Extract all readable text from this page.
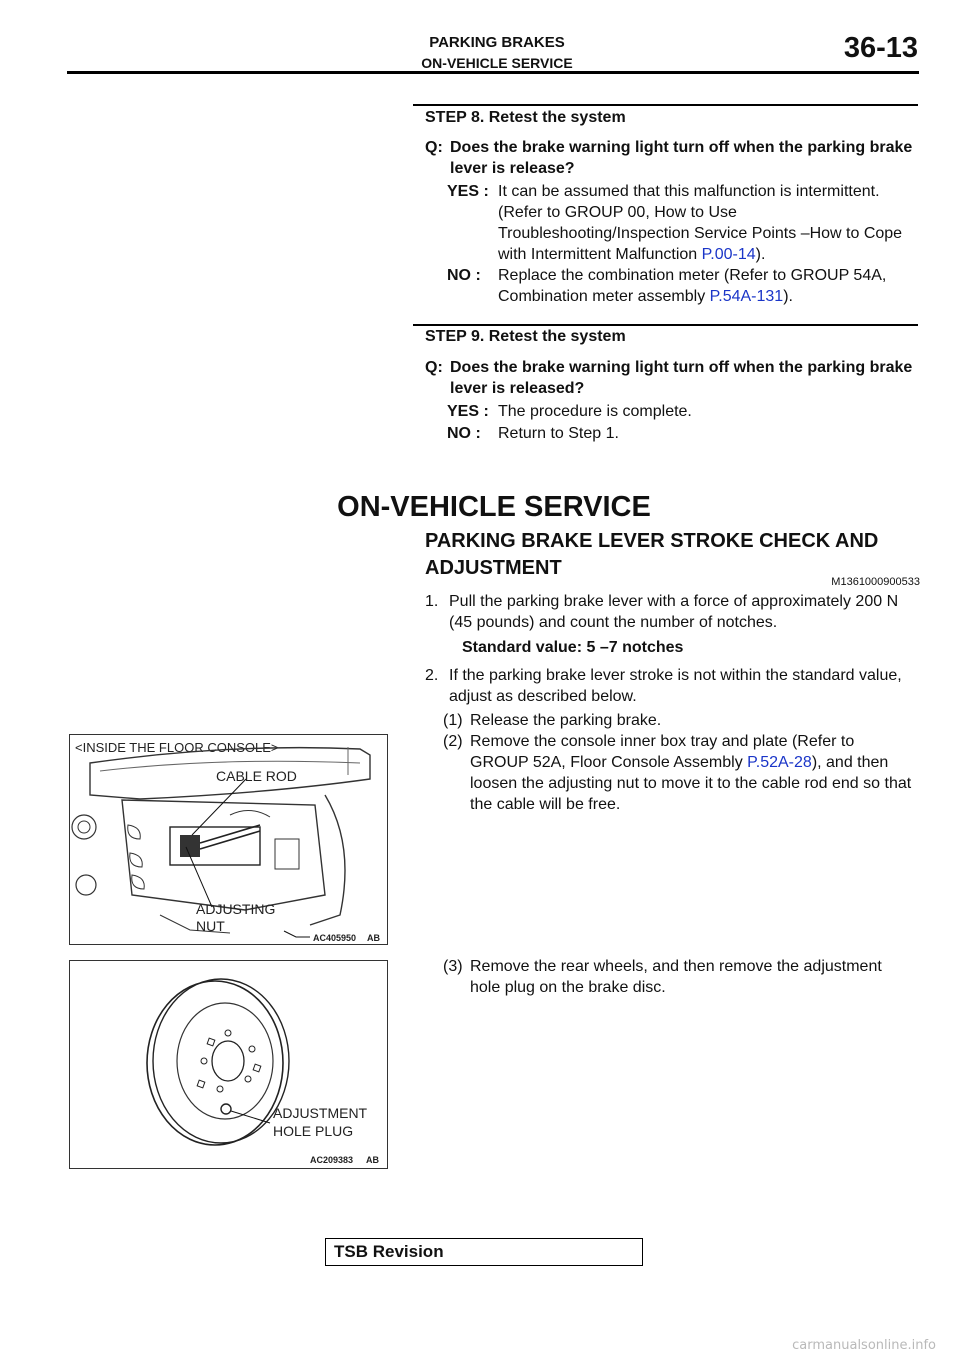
PARKING BRAKES
ON-VEHICLE SERVICE	36-13
STEP 8. Retest the system
Q: Does the brake warning light turn off when the parking brake lever is release?
YES : It can be assumed that this malfunction is intermittent. (Refer to GROUP 00, How to Use Troubleshooting/Inspection Service Points –How to Cope with Intermittent Malfunction P.00-14).
NO : Replace the combination meter (Refer to GROUP 54A, Combination meter assembly P.54A-131).
STEP 9. Retest the system
Q: Does the brake warning light turn off when the parking brake lever is released?
YES : The procedure is complete.
NO : Return to Step 1.
ON-VEHICLE SERVICE
PARKING BRAKE LEVER STROKE CHECK AND ADJUSTMENT
M1361000900533
1. Pull the parking brake lever with a force of approximately 200 N (45 pounds) and count the number of notches.
Standard value: 5 –7 notches
2. If the parking brake lever stroke is not within the standard value, adjust as described below.
(1) Release the parking brake.
(2) Remove the console inner box tray and plate (Refer to GROUP 52A, Floor Console Assembly P.52A-28), and then loosen the adjusting nut to move it to the cable rod end so that the cable will be free.
(3) Remove the rear wheels, and then remove the adjustment hole plug on the brake disc.
<INSIDE THE FLOOR CONSOLE>
CABLE ROD
ADJUSTING
NUT
AC405950 AB
ADJUSTMENT
HOLE PLUG
AC209383 AB
TSB Revision
carmanualsonline.info
